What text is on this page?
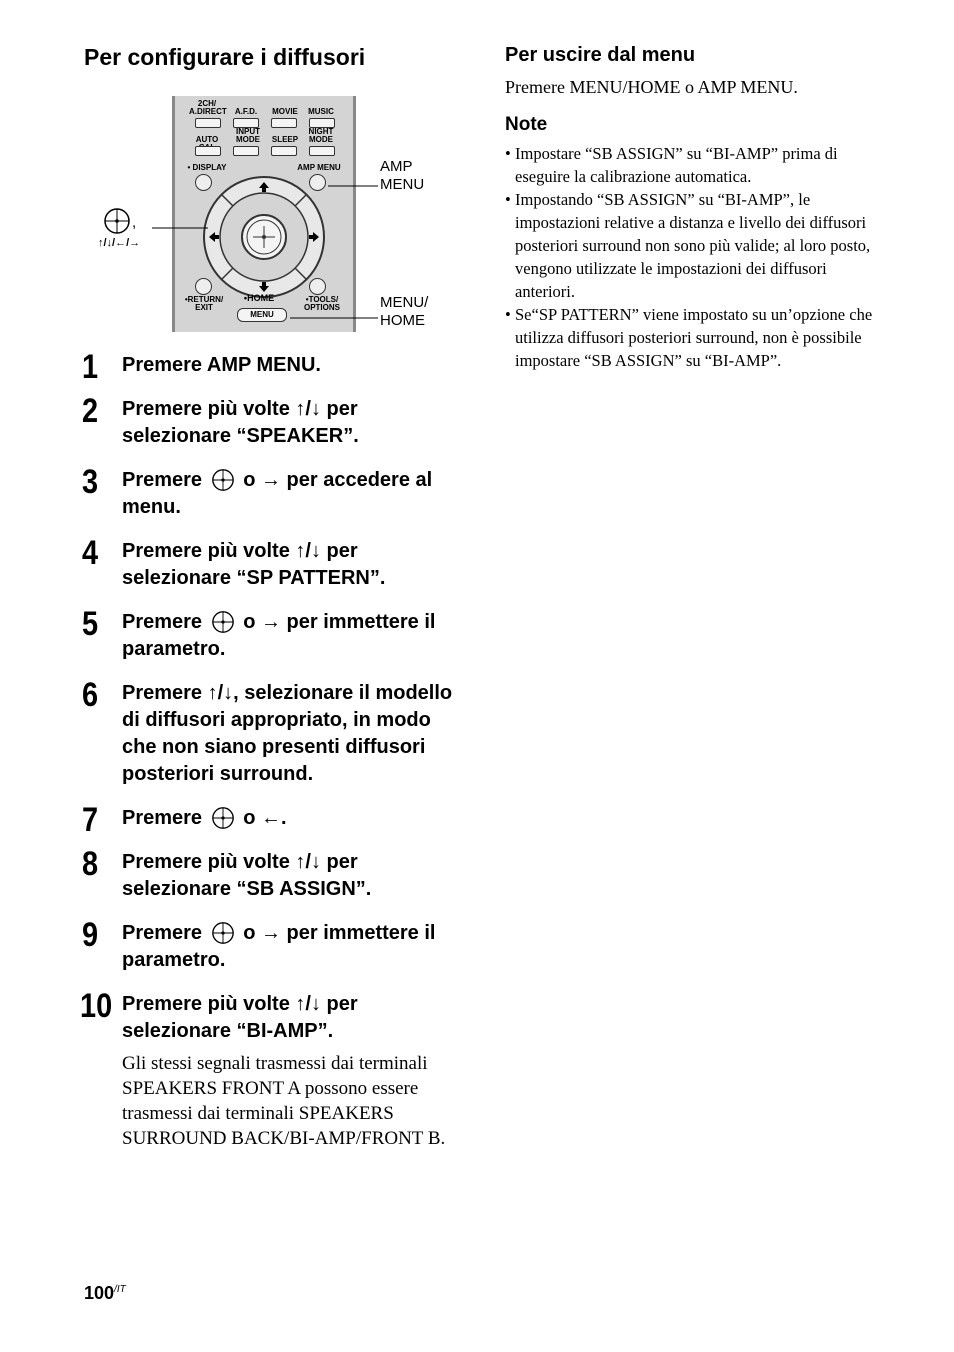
Per configurare i diffusori
2CH/
A.DIRECT	A.F.D.	MOVIE	MUSIC
AUTO
INPUT
MODE	SLEEP
NIGHT
MODE
• DISPLAY	AMP MENU
•RETURN/
EXIT
•HOME	•TOOLS/
OPTIONS
MENU
,
↑/↓/←/→
AMP
MENU
MENU/
HOME
1 Premere AMP MENU.
2 Premere più volte ↑/↓ per selezionare “SPEAKER”.
3 Premere o → per accedere al menu.
4 Premere più volte ↑/↓ per selezionare “SP PATTERN”.
5 Premere o → per immettere il parametro.
6 Premere ↑/↓, selezionare il modello di diffusori appropriato, in modo che non siano presenti diffusori posteriori surround.
7 Premere o ←.
8 Premere più volte ↑/↓ per selezionare “SB ASSIGN”.
9 Premere o → per immettere il parametro.
10 Premere più volte ↑/↓ per selezionare “BI-AMP”.
Gli stessi segnali trasmessi dai terminali SPEAKERS FRONT A possono essere trasmessi dai terminali SPEAKERS SURROUND BACK/BI-AMP/FRONT B.
Per uscire dal menu
Premere MENU/HOME o AMP MENU.
Note
• Impostare “SB ASSIGN” su “BI-AMP” prima di eseguire la calibrazione automatica.
• Impostando “SB ASSIGN” su “BI-AMP”, le impostazioni relative a distanza e livello dei diffusori posteriori surround non sono più valide; al loro posto, vengono utilizzate le impostazioni dei diffusori anteriori.
• Se“SP PATTERN” viene impostato su un’opzione che utilizza diffusori posteriori surround, non è possibile impostare “SB ASSIGN” su “BI-AMP”.
$100^{/IT}$
